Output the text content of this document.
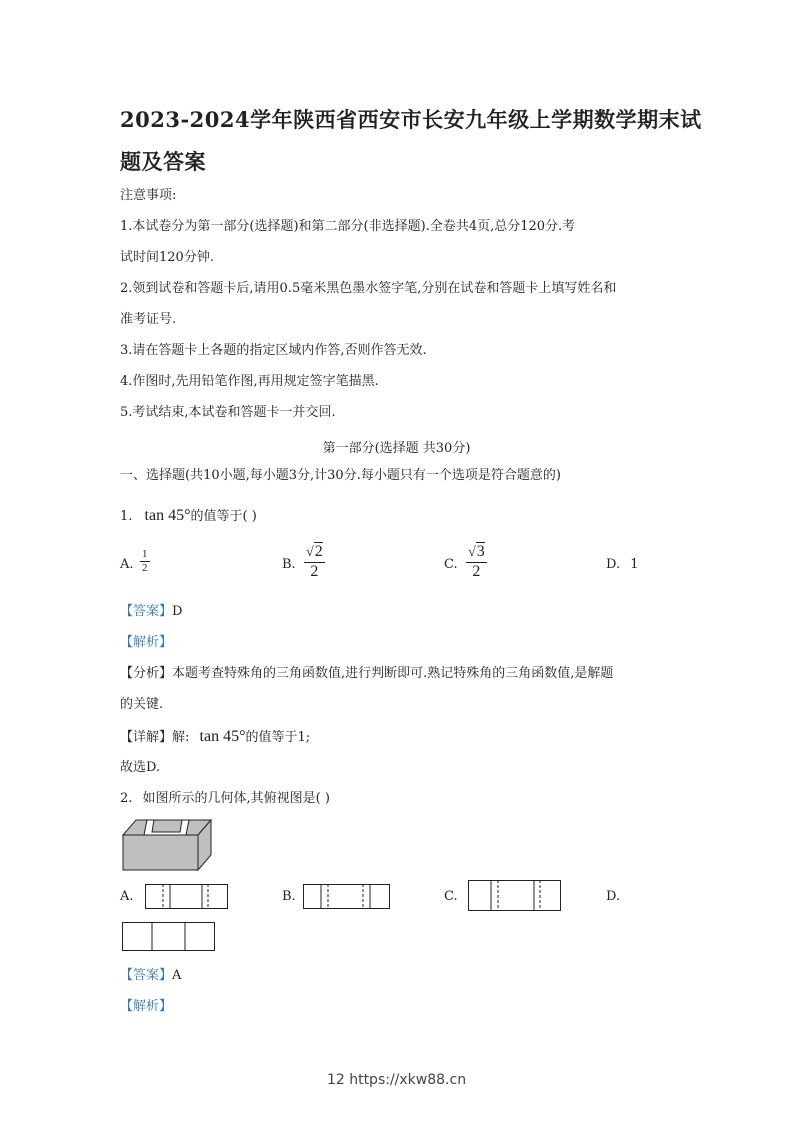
2023-2024学年陕西省西安市长安九年级上学期数学期末试
题及答案
注意事项:
1.本试卷分为第一部分(选择题)和第二部分(非选择题).全卷共4页,总分120分.考
试时间120分钟.
2.领到试卷和答题卡后,请用0.5毫米黑色墨水签字笔,分别在试卷和答题卡上填写姓名和
准考证号.
3.请在答题卡上各题的指定区域内作答,否则作答无效.
4.作图时,先用铅笔作图,再用规定签字笔描黑.
5.考试结束,本试卷和答题卡一并交回.
第一部分(选择题 共30分)
一、选择题(共10小题,每小题3分,计30分.每小题只有一个选项是符合题意的)
1. tan 45°的值等于( )
A. $\frac{1}{2}$	B. $\frac{√2}{2}$	C. $\frac{√3}{2}$	D. 1
【答案】D
【解析】
【分析】本题考查特殊角的三角函数值,进行判断即可.熟记特殊角的三角函数值,是解题
的关键.
【详解】解: tan 45°的值等于1;
故选D.
2. 如图所示的几何体,其俯视图是( )
A.	B.	C.	D.
【答案】A
【解析】
12 https://xkw88.cn
